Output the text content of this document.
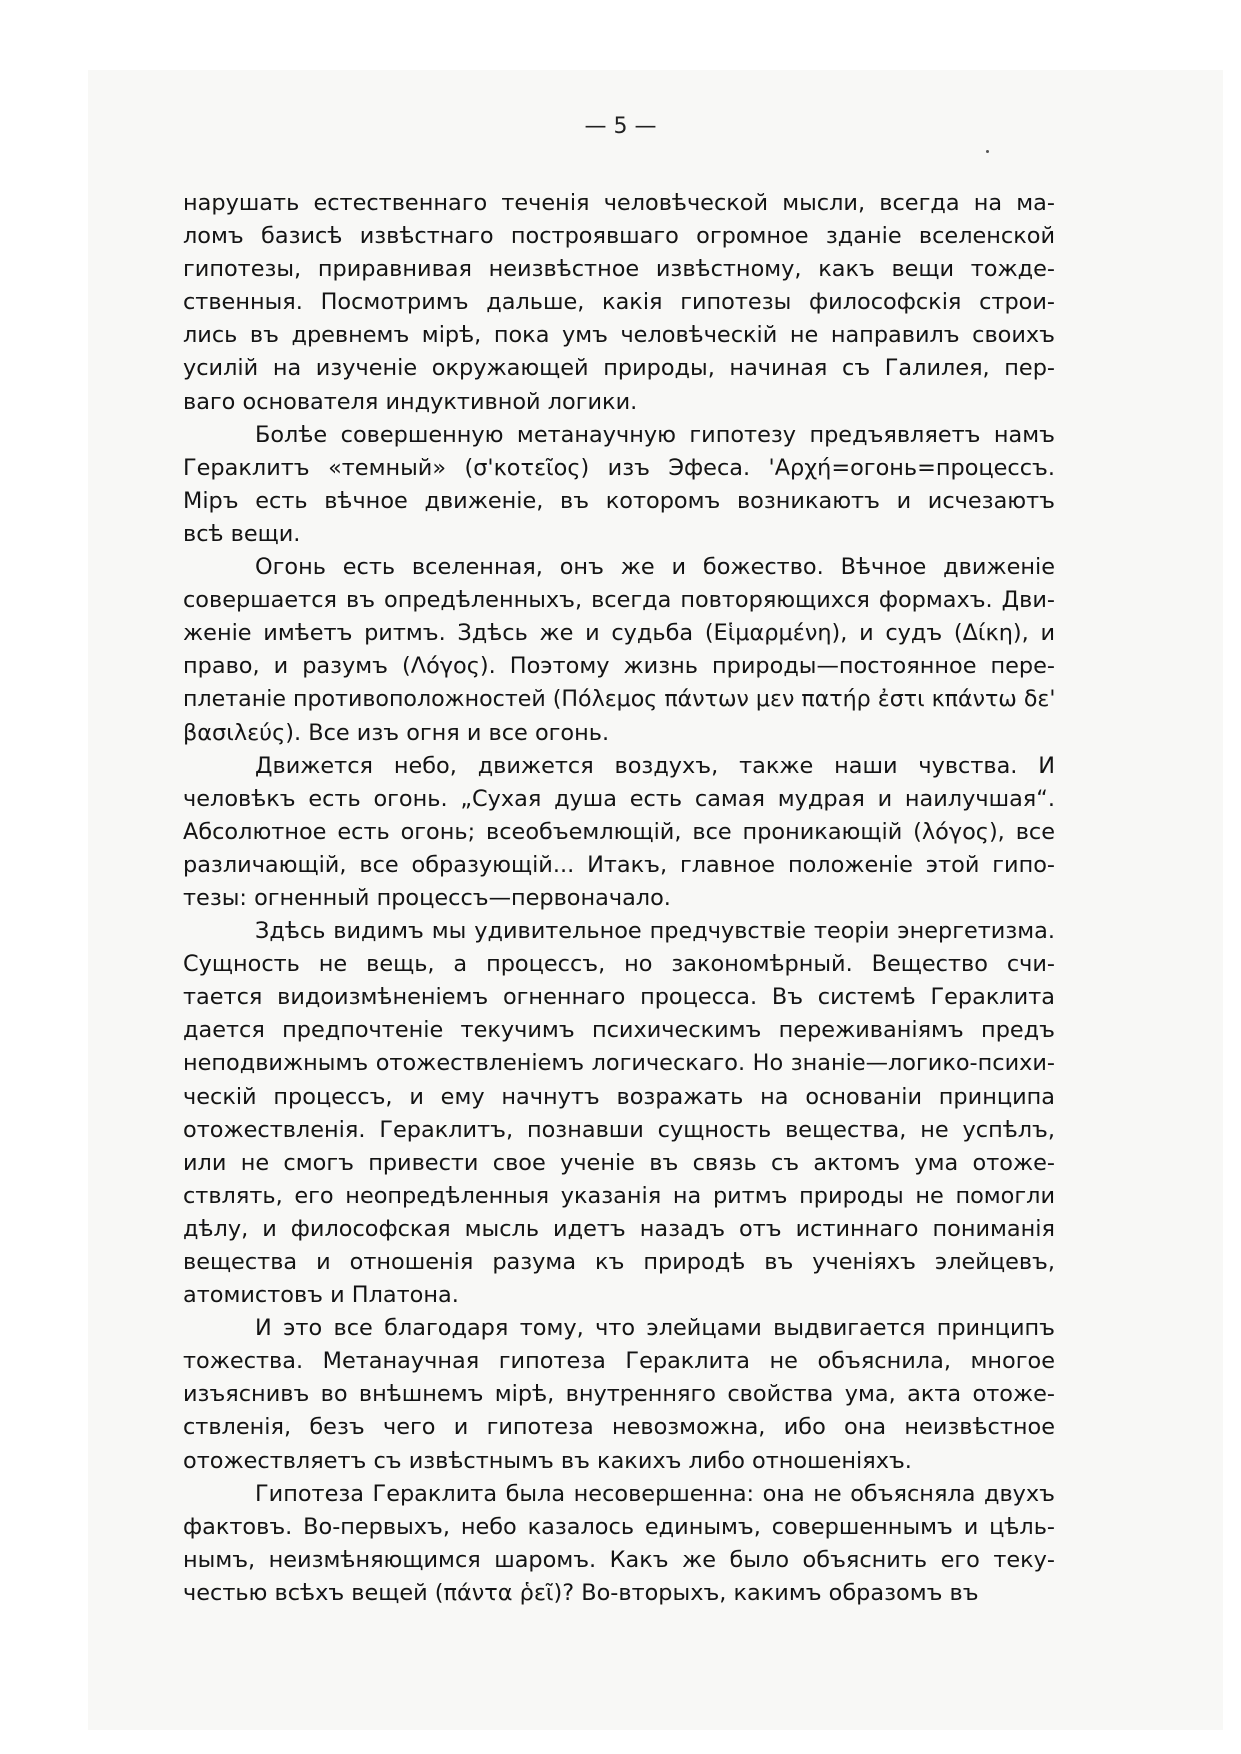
— 5 —
нарушать естественнаго теченія человѣческой мысли, всегда на ма-
ломъ базисѣ извѣстнаго построявшаго огромное зданіе вселенской
гипотезы, приравнивая неизвѣстное извѣстному, какъ вещи тожде-
ственныя. Посмотримъ дальше, какія гипотезы философскія строи-
лись въ древнемъ мірѣ, пока умъ человѣческій не направилъ своихъ
усилій на изученіе окружающей природы, начиная съ Галилея, пер-
ваго основателя индуктивной логики.
Болѣе совершенную метанаучную гипотезу предъявляетъ намъ
Гераклитъ «темный» (σ'κοτεῖος) изъ Эфеса. 'Αρχή=огонь=процессъ.
Міръ есть вѣчное движеніе, въ которомъ возникаютъ и исчезаютъ
всѣ вещи.
Огонь есть вселенная, онъ же и божество. Вѣчное движеніе
совершается въ опредѣленныхъ, всегда повторяющихся формахъ. Дви-
женіе имѣетъ ритмъ. Здѣсь же и судьба (Εἱμαρμένη), и судъ (Δίκη), и
право, и разумъ (Λόγος). Поэтому жизнь природы—постоянное пере-
плетаніе противоположностей (Πόλεμος πάντων μεν πατήρ ἐστι κπάντω δε'
βασιλεύς). Все изъ огня и все огонь.
Движется небо, движется воздухъ, также наши чувства. И
человѣкъ есть огонь. „Сухая душа есть самая мудрая и наилучшая“.
Абсолютное есть огонь; всеобъемлющій, все проникающій (λόγος), все
различающій, все образующій... Итакъ, главное положеніе этой гипо-
тезы: огненный процессъ—первоначало.
Здѣсь видимъ мы удивительное предчувствіе теоріи энергетизма.
Сущность не вещь, а процессъ, но закономѣрный. Вещество счи-
тается видоизмѣненіемъ огненнаго процесса. Въ системѣ Гераклита
дается предпочтеніе текучимъ психическимъ переживаніямъ предъ
неподвижнымъ отожествленіемъ логическаго. Но знаніе—логико-психи-
ческій процессъ, и ему начнутъ возражать на основаніи принципа
отожествленія. Гераклитъ, познавши сущность вещества, не успѣлъ,
или не смогъ привести свое ученіе въ связь съ актомъ ума отоже-
ствлять, его неопредѣленныя указанія на ритмъ природы не помогли
дѣлу, и философская мысль идетъ назадъ отъ истиннаго пониманія
вещества и отношенія разума къ природѣ въ ученіяхъ элейцевъ,
атомистовъ и Платона.
И это все благодаря тому, что элейцами выдвигается принципъ
тожества. Метанаучная гипотеза Гераклита не объяснила, многое
изъяснивъ во внѣшнемъ мірѣ, внутренняго свойства ума, акта отоже-
ствленія, безъ чего и гипотеза невозможна, ибо она неизвѣстное
отожествляетъ съ извѣстнымъ въ какихъ либо отношеніяхъ.
Гипотеза Гераклита была несовершенна: она не объясняла двухъ
фактовъ. Во-первыхъ, небо казалось единымъ, совершеннымъ и цѣль-
нымъ, неизмѣняющимся шаромъ. Какъ же было объяснить его теку-
честью всѣхъ вещей (πάντα ῥεῖ)? Во-вторыхъ, какимъ образомъ въ
